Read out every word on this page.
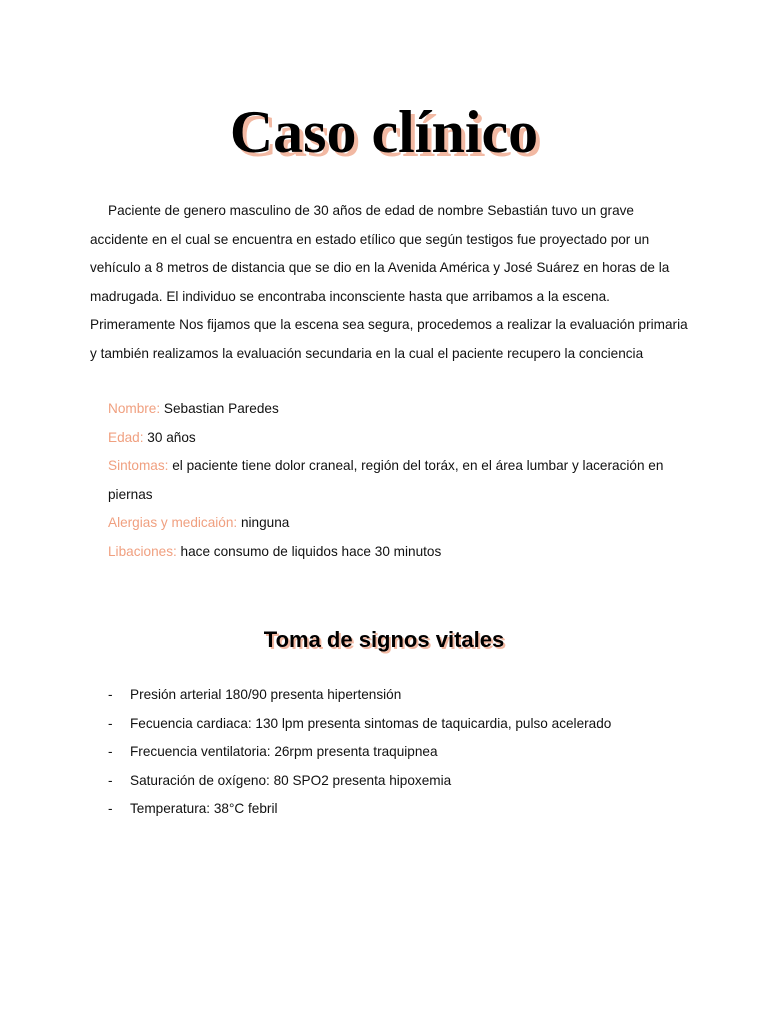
Caso clínico

Paciente de genero masculino de 30 años de edad de nombre Sebastián tuvo un grave accidente en el cual se encuentra en estado etílico que según testigos fue proyectado por un vehículo a 8 metros de distancia que se dio en la Avenida América y José Suárez en horas de la madrugada. El individuo se encontraba inconsciente hasta que arribamos a la escena. Primeramente Nos fijamos que la escena sea segura, procedemos a realizar la evaluación primaria y también realizamos la evaluación secundaria en la cual el paciente recupero la conciencia

Nombre: Sebastian Paredes
Edad: 30 años
Sintomas: el paciente tiene dolor craneal, región del toráx, en el área lumbar y laceración en piernas
Alergias y medicaión: ninguna
Libaciones: hace consumo de liquidos hace 30 minutos
Toma de signos vitales
- Presión arterial 180/90 presenta hipertensión
- Fecuencia cardiaca: 130 lpm presenta sintomas de taquicardia, pulso acelerado
- Frecuencia ventilatoria: 26rpm presenta traquipnea
- Saturación de oxígeno: 80 SPO2 presenta hipoxemia
- Temperatura: 38°C febril
